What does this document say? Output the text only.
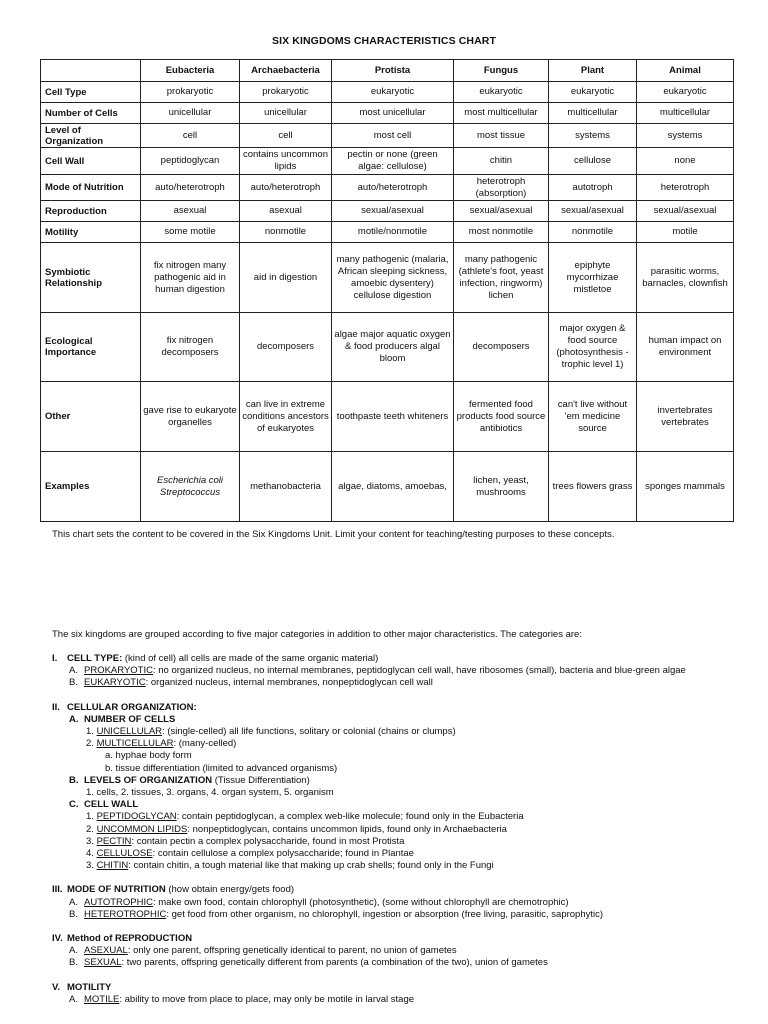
SIX KINGDOMS CHARACTERISTICS CHART
	Eubacteria	Archaebacteria	Protista	Fungus	Plant	Animal
Cell Type	prokaryotic	prokaryotic	eukaryotic	eukaryotic	eukaryotic	eukaryotic
Number of Cells	unicellular	unicellular	most unicellular	most multicellular	multicellular	multicellular
Level of Organization	cell	cell	most cell	most tissue	systems	systems
Cell Wall	peptidoglycan	contains uncommon lipids	pectin or none (green algae: cellulose)	chitin	cellulose	none
Mode of Nutrition	auto/heterotroph	auto/heterotroph	auto/heterotroph	heterotroph (absorption)	autotroph	heterotroph
Reproduction	asexual	asexual	sexual/asexual	sexual/asexual	sexual/asexual	sexual/asexual
Motility	some motile	nonmotile	motile/nonmotile	most nonmotile	nonmotile	motile
Symbiotic Relationship	fix nitrogen many pathogenic aid in human digestion	aid in digestion	many pathogenic (malaria, African sleeping sickness, amoebic dysentery) cellulose digestion	many pathogenic (athlete's foot, yeast infection, ringworm) lichen	epiphyte mycorrhizae mistletoe	parasitic worms, barnacles, clownfish
Ecological Importance	fix nitrogen decomposers	decomposers	algae major aquatic oxygen & food producers algal bloom	decomposers	major oxygen & food source (photosynthesis - trophic level 1)	human impact on environment
Other	gave rise to eukaryote organelles	can live in extreme conditions ancestors of eukaryotes	toothpaste teeth whiteners	fermented food products food source antibiotics	can't live without 'em medicine source	invertebrates vertebrates
Examples	Escherichia coli Streptococcus	methanobacteria	algae, diatoms, amoebas,	lichen, yeast, mushrooms	trees flowers grass	sponges mammals
This chart sets the content to be covered in the Six Kingdoms Unit. Limit your content for teaching/testing purposes to these concepts.
The six kingdoms are grouped according to five major categories in addition to other major characteristics. The categories are:
I. CELL TYPE: (kind of cell) all cells are made of the same organic material)
A. PROKARYOTIC: no organized nucleus, no internal membranes, peptidoglycan cell wall, have ribosomes (small), bacteria and blue-green algae
B. EUKARYOTIC: organized nucleus, internal membranes, nonpeptidoglycan cell wall
II. CELLULAR ORGANIZATION:
A. NUMBER OF CELLS
1. UNICELLULAR: (single-celled) all life functions, solitary or colonial (chains or clumps)
2. MULTICELLULAR: (many-celled)
a. hyphae body form
b. tissue differentiation (limited to advanced organisms)
B. LEVELS OF ORGANIZATION (Tissue Differentiation)
1. cells, 2. tissues, 3. organs, 4. organ system, 5. organism
C. CELL WALL
1. PEPTIDOGLYCAN: contain peptidoglycan, a complex web-like molecule; found only in the Eubacteria
2. UNCOMMON LIPIDS: nonpeptidoglycan, contains uncommon lipids, found only in Archaebacteria
3. PECTIN: contain pectin a complex polysaccharide, found in most Protista
4. CELLULOSE: contain cellulose a complex polysaccharide; found in Plantae
3. CHITIN: contain chitin, a tough material like that making up crab shells; found only in the Fungi
III. MODE OF NUTRITION (how obtain energy/gets food)
A. AUTOTROPHIC: make own food, contain chlorophyll (photosynthetic), (some without chlorophyll are chemotrophic)
B. HETEROTROPHIC: get food from other organism, no chlorophyll, ingestion or absorption (free living, parasitic, saprophytic)
IV. Method of REPRODUCTION
A. ASEXUAL: only one parent, offspring genetically identical to parent, no union of gametes
B. SEXUAL: two parents, offspring genetically different from parents (a combination of the two), union of gametes
V. MOTILITY
A. MOTILE: ability to move from place to place, may only be motile in larval stage
